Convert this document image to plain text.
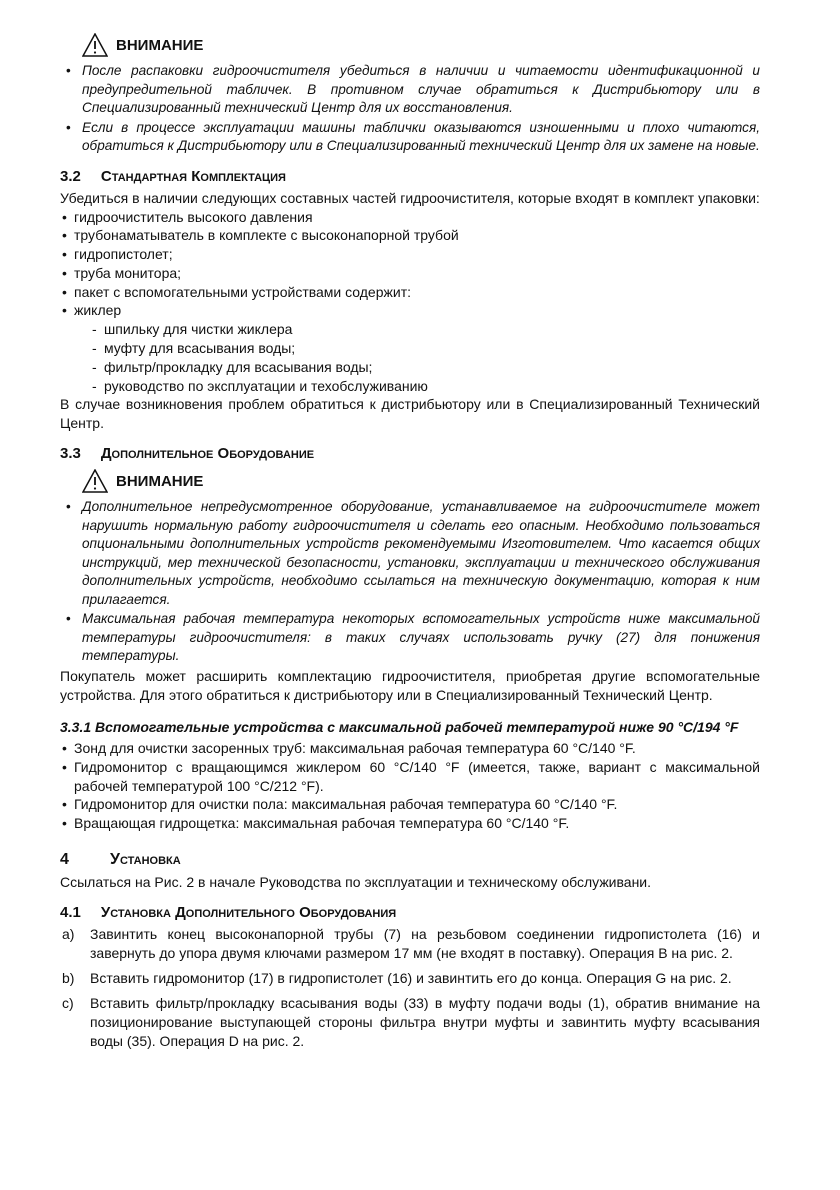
ВНИМАНИЕ
• После распаковки гидроочистителя убедиться в наличии и читаемости идентификационной и предупредительной табличек. В противном случае обратиться к Дистрибьютору или в Специализированный технический Центр для их восстановления.
• Если в процессе эксплуатации машины таблички оказываются изношенными и плохо читаются, обратиться к Дистрибьютору или в Специализированный технический Центр для их замене на новые.
3.2 Стандартная Комплектация

Убедиться в наличии следующих составных частей гидроочистителя, которые входят в комплект упаковки:

• гидроочиститель высокого давления
• трубонаматыватель в комплекте с высоконапорной трубой
• гидропистолет;
• труба монитора;
• пакет с вспомогательными устройствами содержит:
• жиклер
- шпильку для чистки жиклера
- муфту для всасывания воды;
- фильтр/прокладку для всасывания воды;
- руководство по эксплуатации и техобслуживанию

В случае возникновения проблем обратиться к дистрибьютору или в Специализированный Технический Центр.

3.3 Дополнительное Оборудование
ВНИМАНИЕ
• Дополнительное непредусмотренное оборудование, устанавливаемое на гидроочистителе может нарушить нормальную работу гидроочистителя и сделать его опасным. Необходимо пользоваться опциональными дополнительных устройств рекомендуемыми Изготовителем. Что касается общих инструкций, мер технической безопасности, установки, эксплуатации и технического обслуживания дополнительных устройств, необходимо ссылаться на техническую документацию, которая к ним прилагается.
• Максимальная рабочая температура некоторых вспомогательных устройств ниже максимальной температуры гидроочистителя: в таких случаях использовать ручку (27) для понижения температуры.

Покупатель может расширить комплектацию гидроочистителя, приобретая другие вспомогательные устройства. Для этого обратиться к дистрибьютору или в Специализированный Технический Центр.

3.3.1 Вспомогательные устройства с максимальной рабочей температурой ниже 90 °C/194 °F
• Зонд для очистки засоренных труб: максимальная рабочая температура 60 °C/140 °F.
• Гидромонитор с вращающимся жиклером 60 °C/140 °F (имеется, также, вариант с максимальной рабочей температурой 100 °C/212 °F).
• Гидромонитор для очистки пола: максимальная рабочая температура 60 °C/140 °F.
• Вращающая гидрощетка: максимальная рабочая температура 60 °C/140 °F.
4	Установка

Ссылаться на Рис. 2 в начале Руководства по эксплуатации и техническому обслуживани.

4.1 Установка Дополнительного Оборудования
a) Завинтить конец высоконапорной трубы (7) на резьбовом соединении гидропистолета (16) и завернуть до упора двумя ключами размером 17 мм (не входят в поставку). Операция B на рис. 2.
b) Вставить гидромонитор (17) в гидропистолет (16) и завинтить его до конца. Операция G на рис. 2.
c) Вставить фильтр/прокладку всасывания воды (33) в муфту подачи воды (1), обратив внимание на позиционирование выступающей стороны фильтра внутри муфты и завинтить муфту всасывания воды (35). Операция D на рис. 2.
